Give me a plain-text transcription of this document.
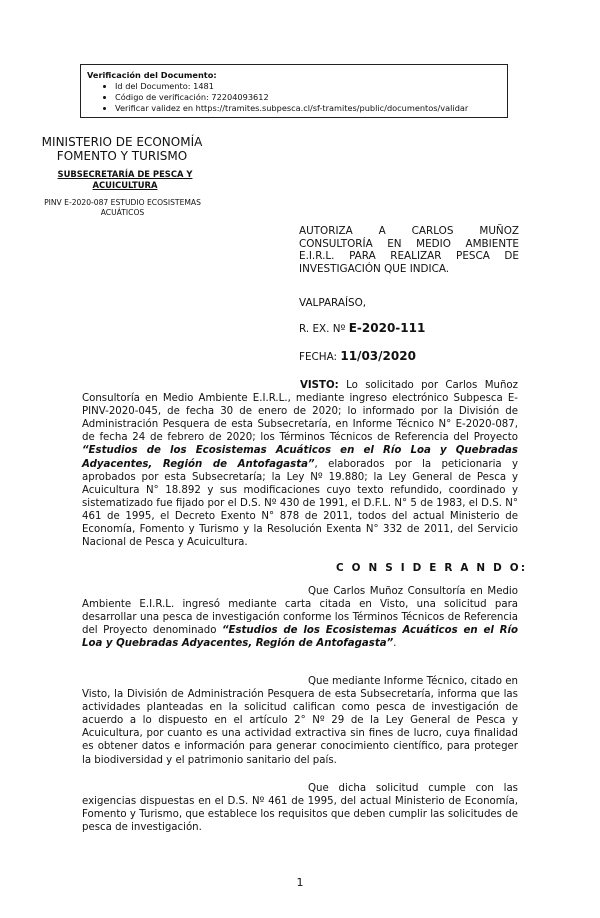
Verificación del Documento:
• Id del Documento: 1481
• Código de verificación: 72204093612
• Verificar validez en https://tramites.subpesca.cl/sf-tramites/public/documentos/validar
MINISTERIO DE ECONOMÍA
FOMENTO Y TURISMO
SUBSECRETARÍA DE PESCA Y
ACUICULTURA
PINV E-2020-087 ESTUDIO ECOSISTEMAS
ACUÁTICOS
AUTORIZA A CARLOS MUÑOZ CONSULTORÍA EN MEDIO AMBIENTE E.I.R.L. PARA REALIZAR PESCA DE INVESTIGACIÓN QUE INDICA.
VALPARAÍSO,
R. EX. Nº E-2020-111
FECHA: 11/03/2020
VISTO: Lo solicitado por Carlos Muñoz Consultoría en Medio Ambiente E.I.R.L., mediante ingreso electrónico Subpesca E-PINV-2020-045, de fecha 30 de enero de 2020; lo informado por la División de Administración Pesquera de esta Subsecretaría, en Informe Técnico N° E-2020-087, de fecha 24 de febrero de 2020; los Términos Técnicos de Referencia del Proyecto “Estudios de los Ecosistemas Acuáticos en el Río Loa y Quebradas Adyacentes, Región de Antofagasta”, elaborados por la peticionaria y aprobados por esta Subsecretaría; la Ley Nº 19.880; la Ley General de Pesca y Acuicultura N° 18.892 y sus modificaciones cuyo texto refundido, coordinado y sistematizado fue fijado por el D.S. Nº 430 de 1991, el D.F.L. N° 5 de 1983, el D.S. N° 461 de 1995, el Decreto Exento N° 878 de 2011, todos del actual Ministerio de Economía, Fomento y Turismo y la Resolución Exenta N° 332 de 2011, del Servicio Nacional de Pesca y Acuicultura.
C O N S I D E R A N D O:
Que Carlos Muñoz Consultoría en Medio Ambiente E.I.R.L. ingresó mediante carta citada en Visto, una solicitud para desarrollar una pesca de investigación conforme los Términos Técnicos de Referencia del Proyecto denominado “Estudios de los Ecosistemas Acuáticos en el Río Loa y Quebradas Adyacentes, Región de Antofagasta”.
Que mediante Informe Técnico, citado en Visto, la División de Administración Pesquera de esta Subsecretaría, informa que las actividades planteadas en la solicitud califican como pesca de investigación de acuerdo a lo dispuesto en el artículo 2° Nº 29 de la Ley General de Pesca y Acuicultura, por cuanto es una actividad extractiva sin fines de lucro, cuya finalidad es obtener datos e información para generar conocimiento científico, para proteger la biodiversidad y el patrimonio sanitario del país.
Que dicha solicitud cumple con las exigencias dispuestas en el D.S. Nº 461 de 1995, del actual Ministerio de Economía, Fomento y Turismo, que establece los requisitos que deben cumplir las solicitudes de pesca de investigación.
1
